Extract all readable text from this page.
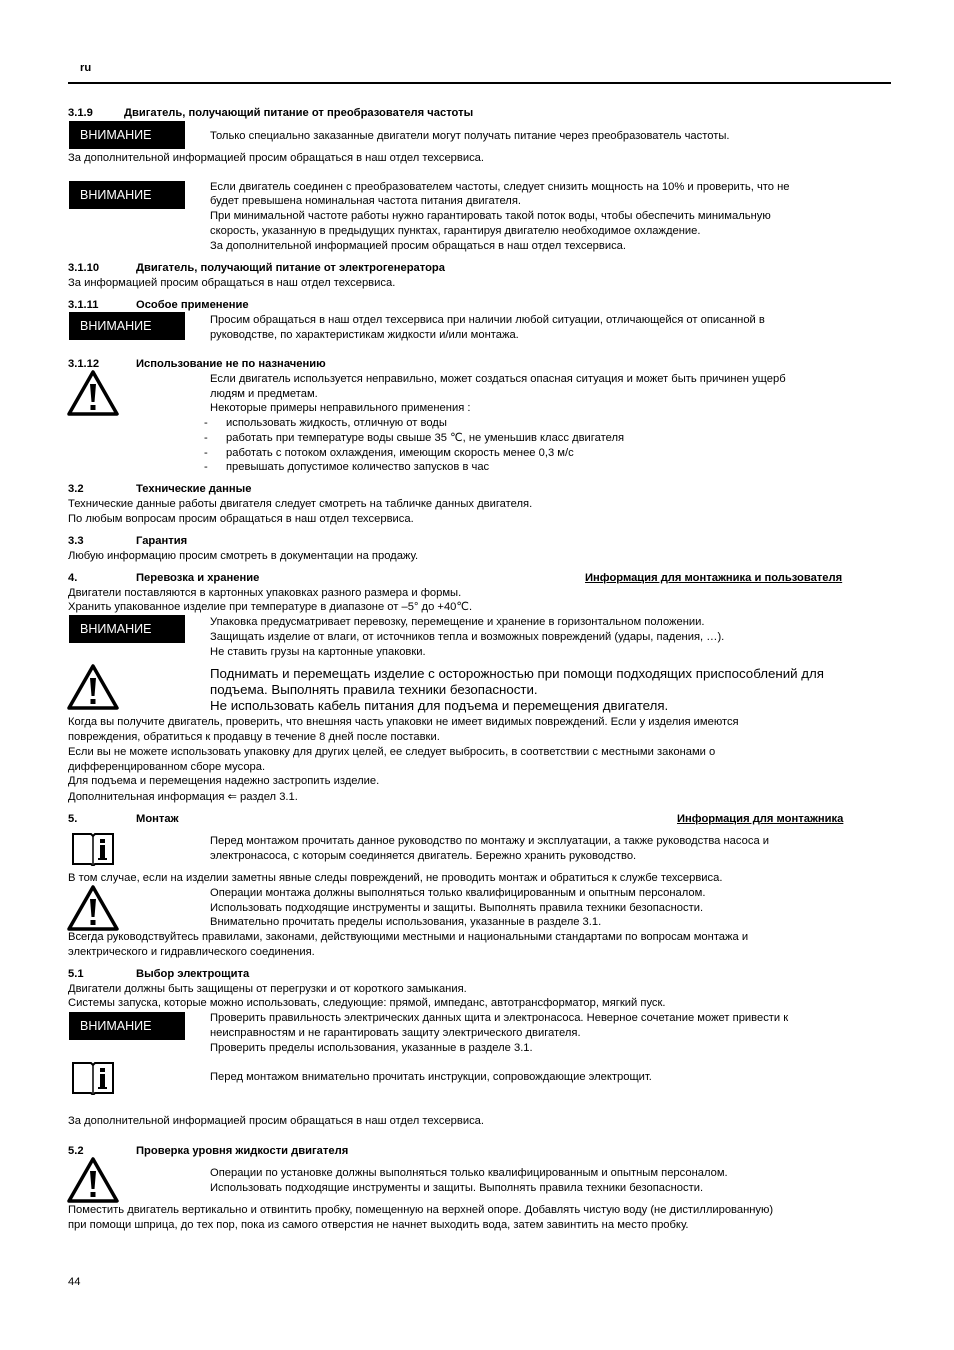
ru
3.1.9	Двигатель, получающий питание от преобразователя частоты
ВНИМАНИЕ	Только специально заказанные двигатели могут получать питание через преобразователь частоты.
За дополнительной информацией просим обращаться в наш отдел техсервиса.
ВНИМАНИЕ
Если двигатель соединен с преобразователем частоты, следует снизить мощность на 10% и проверить, что не
будет превышена номинальная частота питания двигателя.
При минимальной частоте работы нужно гарантировать такой поток воды, чтобы обеспечить минимальную
скорость, указанную в предыдущих пунктах, гарантируя двигателю необходимое охлаждение.
За дополнительной информацией просим обращаться в наш отдел техсервиса.
3.1.10	Двигатель, получающий питание от электрогенератора
За информацией просим обращаться в наш отдел техсервиса.
3.1.11	Особое применение
ВНИМАНИЕ	Просим обращаться в наш отдел техсервиса при наличии любой ситуации, отличающейся от описанной в
руководстве, по характеристикам жидкости и/или монтажа.
3.1.12	Использование не по назначению
Если двигатель используется неправильно, может создаться опасная ситуация и может быть причинен ущерб
людям и предметам.
Некоторые примеры неправильного применения :
- использовать жидкость, отличную от воды
- работать при температуре воды свыше 35 ℃, не уменьшив класс двигателя
- работать с потоком охлаждения, имеющим скорость менее 0,3 м/с
- превышать допустимое количество запусков в час
3.2	Технические данные
Технические данные работы двигателя следует смотреть на табличке данных двигателя.
По любым вопросам просим обращаться в наш отдел техсервиса.
3.3	Гарантия
Любую информацию просим смотреть в документации на продажу.
4.	Перевозка и хранение	Информация для монтажника и пользователя
Двигатели поставляются в картонных упаковках разного размера и формы.
Хранить упакованное изделие при температуре в диапазоне от –5° до +40℃.
ВНИМАНИЕ	Упаковка предусматривает перевозку, перемещение и хранение в горизонтальном положении.
Защищать изделие от влаги, от источников тепла и возможных повреждений (удары, падения, …).
Не ставить грузы на картонные упаковки.
Поднимать и перемещать изделие с осторожностью при помощи подходящих приспособлений для
подъема. Выполнять правила техники безопасности.
Не использовать кабель питания для подъема и перемещения двигателя.
Когда вы получите двигатель, проверить, что внешняя часть упаковки не имеет видимых повреждений. Если у изделия имеются
повреждения, обратиться к продавцу в течение 8 дней после поставки.
Если вы не можете использовать упаковку для других целей, ее следует выбросить, в соответствии с местными законами о
дифференцированном сборе мусора.
Для подъема и перемещения надежно застропить изделие.
Дополнительная информация ⇐ раздел 3.1.
5.	Монтаж	Информация для монтажника
Перед монтажом прочитать данное руководство по монтажу и эксплуатации, а также руководства насоса и
электронасоса, с которым соединяется двигатель. Бережно хранить руководство.
В том случае, если на изделии заметны явные следы повреждений, не проводить монтаж и обратиться к службе техсервиса.
Операции монтажа должны выполняться только квалифицированным и опытным персоналом.
Использовать подходящие инструменты и защиты. Выполнять правила техники безопасности.
Внимательно прочитать пределы использования, указанные в разделе 3.1.
Всегда руководствуйтесь правилами, законами, действующими местными и национальными стандартами по вопросам монтажа и
электрического и гидравлического соединения.
5.1	Выбор электрощита
Двигатели должны быть защищены от перегрузки и от короткого замыкания.
Системы запуска, которые можно использовать, следующие: прямой, импеданс, автотрансформатор, мягкий пуск.
ВНИМАНИЕ
Проверить правильность электрических данных щита и электронасоса. Неверное сочетание может привести к
неисправностям и не гарантировать защиту электрического двигателя.
Проверить пределы использования, указанные в разделе 3.1.
Перед монтажом внимательно прочитать инструкции, сопровождающие электрощит.
За дополнительной информацией просим обращаться в наш отдел техсервиса.
5.2	Проверка уровня жидкости двигателя
Операции по установке должны выполняться только квалифицированным и опытным персоналом.
Использовать подходящие инструменты и защиты. Выполнять правила техники безопасности.
Поместить двигатель вертикально и отвинтить пробку, помещенную на верхней опоре. Добавлять чистую воду (не дистиллированную)
при помощи шприца, до тех пор, пока из самого отверстия не начнет выходить вода, затем завинтить на место пробку.
44
